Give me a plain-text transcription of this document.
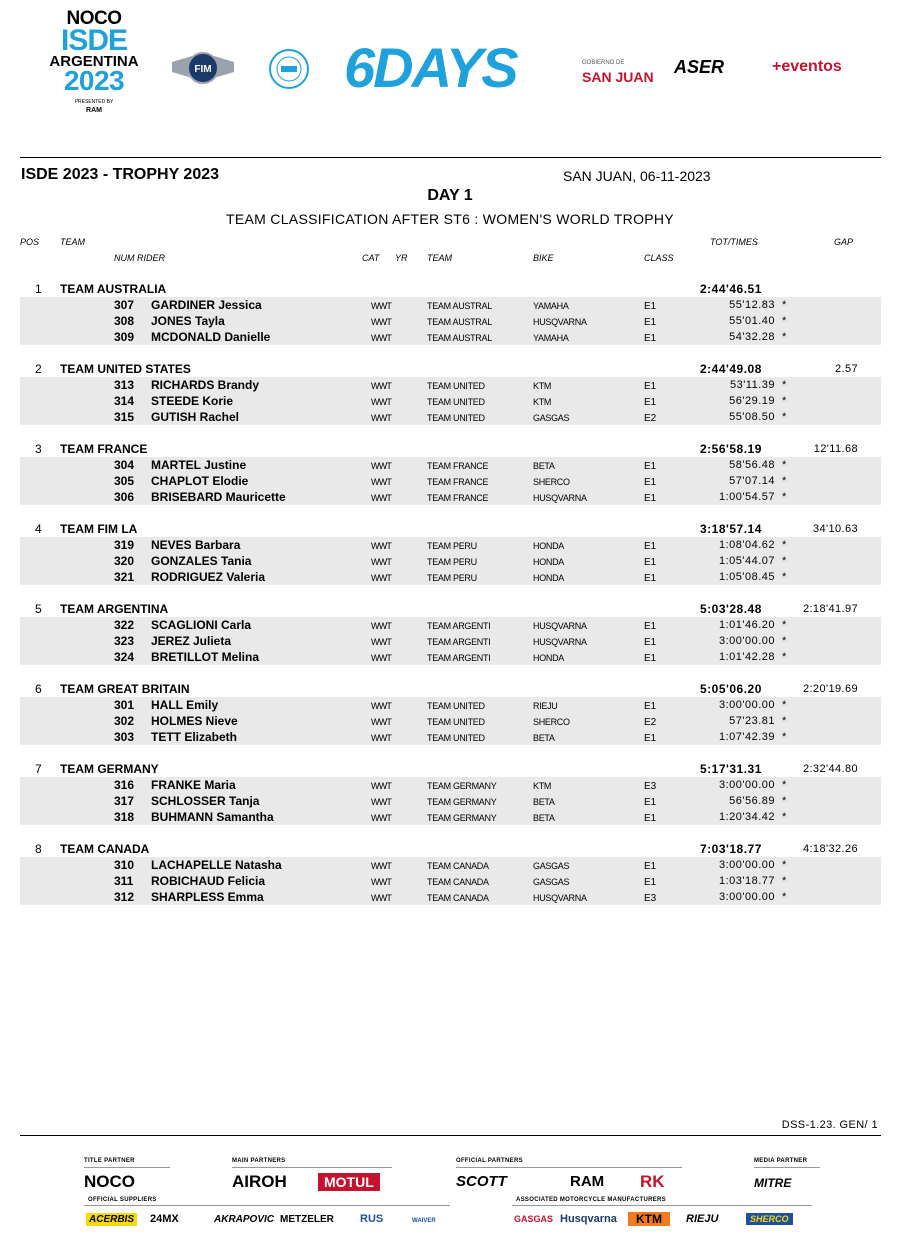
NOCO
ISDE
ARGENTINA
2023
PRESENTED BY
RAM
FIM 6DAYS	GOBIERNO DE
SAN JUAN ASER	+eventos
ISDE 2023 - TROPHY 2023	SAN JUAN, 06-11-2023
DAY 1
TEAM CLASSIFICATION AFTER ST6 : WOMEN'S WORLD TROPHY
POS TEAM	TOT/TIMES	GAP
NUM RIDER	CAT YR TEAM	BIKE	CLASS
1 TEAM AUSTRALIA	2:44'46.51
307 GARDINER Jessica	WWT	TEAM AUSTRAL	YAMAHA	E1	55'12.83 *
308 JONES Tayla	WWT	TEAM AUSTRAL	HUSQVARNA	E1	55'01.40 *
309 MCDONALD Danielle	WWT	TEAM AUSTRAL	YAMAHA	E1	54'32.28 *
2 TEAM UNITED STATES	2:44'49.08	2.57
313 RICHARDS Brandy	WWT	TEAM UNITED	KTM	E1	53'11.39 *
314 STEEDE Korie	WWT	TEAM UNITED	KTM	E1	56'29.19 *
315 GUTISH Rachel	WWT	TEAM UNITED	GASGAS	E2	55'08.50 *
3 TEAM FRANCE	2:56'58.19	12'11.68
304 MARTEL Justine	WWT	TEAM FRANCE	BETA	E1	58'56.48 *
305 CHAPLOT Elodie	WWT	TEAM FRANCE	SHERCO	E1	57'07.14 *
306 BRISEBARD Mauricette	WWT	TEAM FRANCE	HUSQVARNA	E1	1:00'54.57 *
4 TEAM FIM LA	3:18'57.14	34'10.63
319 NEVES Barbara	WWT	TEAM PERU	HONDA	E1	1:08'04.62 *
320 GONZALES Tania	WWT	TEAM PERU	HONDA	E1	1:05'44.07 *
321 RODRIGUEZ Valeria	WWT	TEAM PERU	HONDA	E1	1:05'08.45 *
5 TEAM ARGENTINA	5:03'28.48	2:18'41.97
322 SCAGLIONI Carla	WWT	TEAM ARGENTI	HUSQVARNA	E1	1:01'46.20 *
323 JEREZ Julieta	WWT	TEAM ARGENTI	HUSQVARNA	E1	3:00'00.00 *
324 BRETILLOT Melina	WWT	TEAM ARGENTI	HONDA	E1	1:01'42.28 *
6 TEAM GREAT BRITAIN	5:05'06.20	2:20'19.69
301 HALL Emily	WWT	TEAM UNITED	RIEJU	E1	3:00'00.00 *
302 HOLMES Nieve	WWT	TEAM UNITED	SHERCO	E2	57'23.81 *
303 TETT Elizabeth	WWT	TEAM UNITED	BETA	E1	1:07'42.39 *
7 TEAM GERMANY	5:17'31.31	2:32'44.80
316 FRANKE Maria	WWT	TEAM GERMANY	KTM	E3	3:00'00.00 *
317 SCHLOSSER Tanja	WWT	TEAM GERMANY	BETA	E1	56'56.89 *
318 BUHMANN Samantha	WWT	TEAM GERMANY	BETA	E1	1:20'34.42 *
8 TEAM CANADA	7:03'18.77	4:18'32.26
310 LACHAPELLE Natasha	WWT	TEAM CANADA	GASGAS	E1	3:00'00.00 *
311 ROBICHAUD Felicia	WWT	TEAM CANADA	GASGAS	E1	1:03'18.77 *
312 SHARPLESS Emma	WWT	TEAM CANADA	HUSQVARNA	E3	3:00'00.00 *
DSS-1.23. GEN/ 1
TITLE PARTNER
NOCO
MAIN PARTNERS
AIROH	MOTUL
OFFICIAL PARTNERS
SCOTT	RAM RK
MEDIA PARTNER
MITRE
OFFICIAL SUPPLIERS
ACERBIS 24MX	AKRAPOVIC METZELER RUS	WAIVER
ASSOCIATED MOTORCYCLE MANUFACTURERS
GASGAS Husqvarna	KTM	RIEJU	SHERCO
